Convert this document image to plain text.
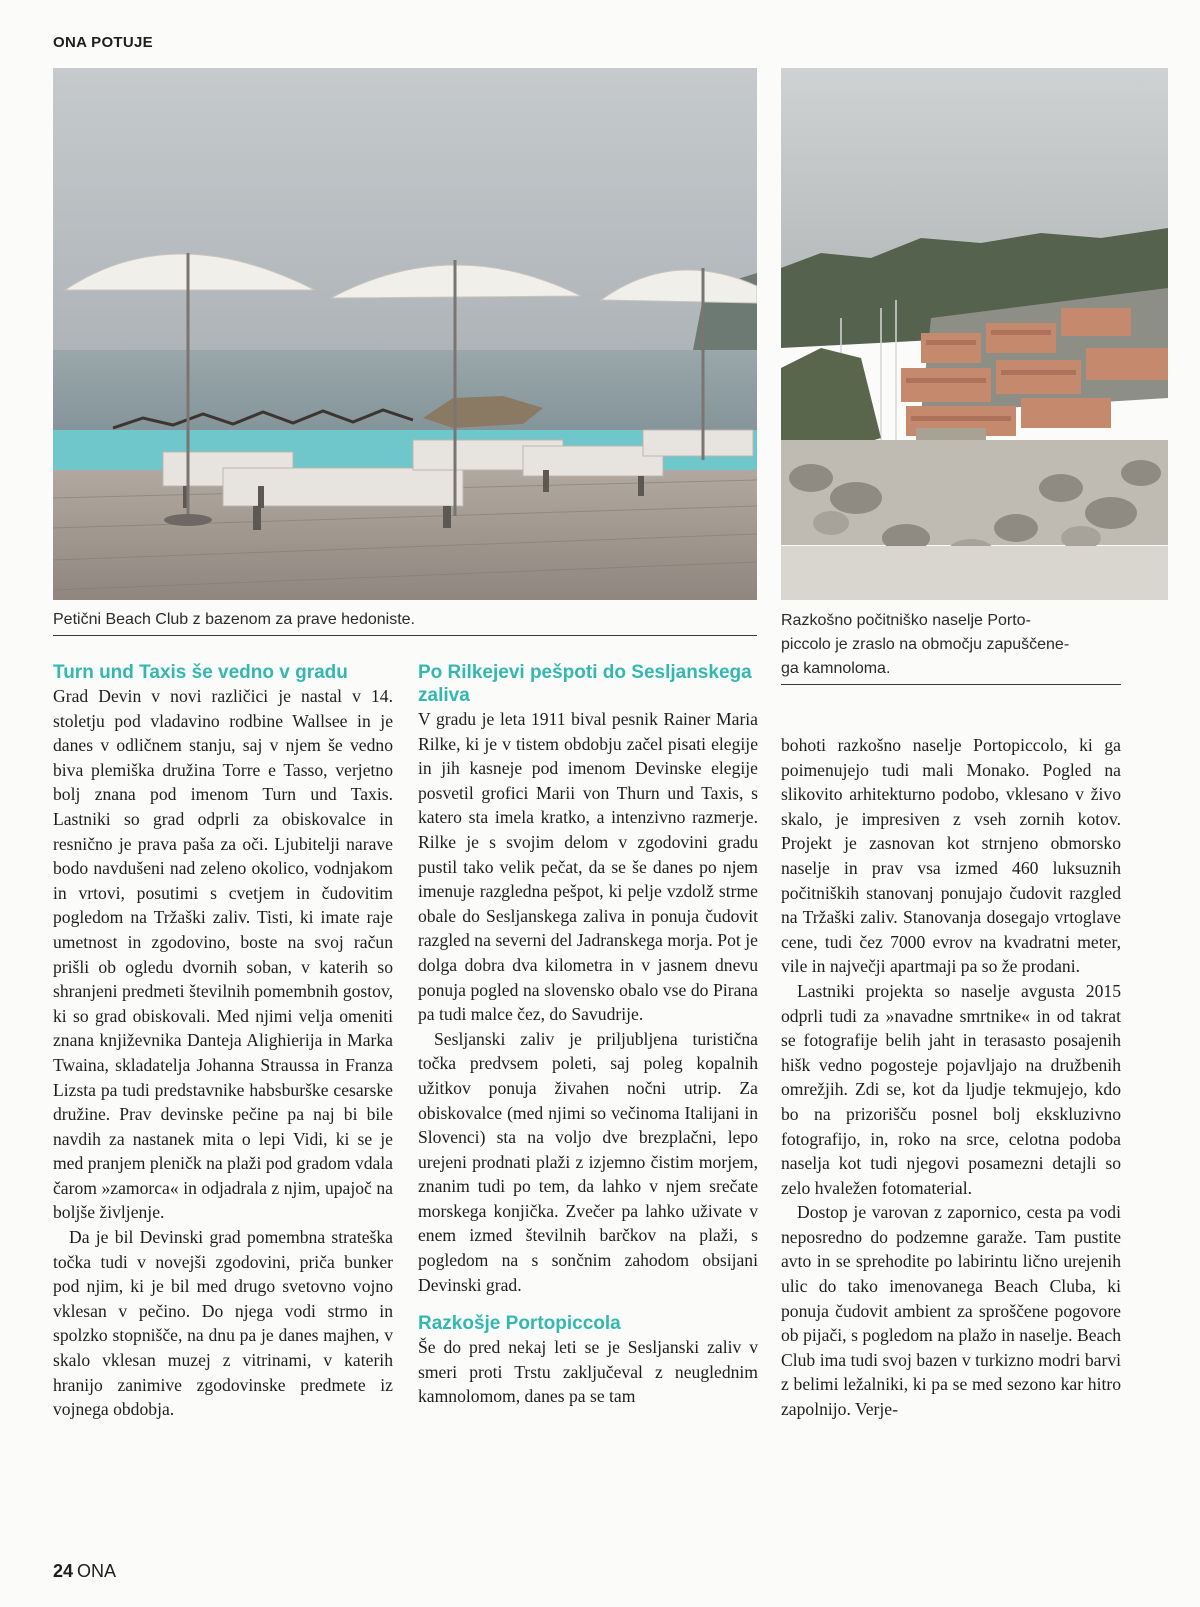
ONA POTUJE

Petični Beach Club z bazenom za prave hedoniste.	Razkošno počitniško naselje Porto-
piccolo je zraslo na območju zapuščene-
ga kamnoloma.
Turn und Taxis še vedno v gradu

Grad Devin v novi različici je nastal v 14. stoletju pod vladavino rodbine Wallsee in je danes v odličnem stanju, saj v njem še vedno biva plemiška družina Torre e Tasso, verjetno bolj znana pod imenom Turn und Taxis. Lastniki so grad odprli za obiskovalce in resnično je prava paša za oči. Ljubitelji narave bodo navdušeni nad zeleno okolico, vodnjakom in vrtovi, posutimi s cvetjem in čudovitim pogledom na Tržaški zaliv. Tisti, ki imate raje umetnost in zgodovino, boste na svoj račun prišli ob ogledu dvornih soban, v katerih so shranjeni predmeti številnih pomembnih gostov, ki so grad obiskovali. Med njimi velja omeniti znana književnika Danteja Alighierija in Marka Twaina, skladatelja Johanna Straussa in Franza Lizsta pa tudi predstavnike habsburške cesarske družine. Prav devinske pečine pa naj bi bile navdih za nastanek mita o lepi Vidi, ki se je med pranjem pleničk na plaži pod gradom vdala čarom »zamorca« in odjadrala z njim, upajoč na boljše življenje.

Da je bil Devinski grad pomembna strateška točka tudi v novejši zgodovini, priča bunker pod njim, ki je bil med drugo svetovno vojno vklesan v pečino. Do njega vodi strmo in spolzko stopnišče, na dnu pa je danes majhen, v skalo vklesan muzej z vitrinami, v katerih hranijo zanimive zgodovinske predmete iz vojnega obdobja.

Po Rilkejevi pešpoti do Sesljanskega zaliva

V gradu je leta 1911 bival pesnik Rainer Maria Rilke, ki je v tistem obdobju začel pisati elegije in jih kasneje pod imenom Devinske elegije posvetil grofici Marii von Thurn und Taxis, s katero sta imela kratko, a intenzivno razmerje. Rilke je s svojim delom v zgodovini gradu pustil tako velik pečat, da se še danes po njem imenuje razgledna pešpot, ki pelje vzdolž strme obale do Sesljanskega zaliva in ponuja čudovit razgled na severni del Jadranskega morja. Pot je dolga dobra dva kilometra in v jasnem dnevu ponuja pogled na slovensko obalo vse do Pirana pa tudi malce čez, do Savudrije.

Sesljanski zaliv je priljubljena turistična točka predvsem poleti, saj poleg kopalnih užitkov ponuja živahen nočni utrip. Za obiskovalce (med njimi so večinoma Italijani in Slovenci) sta na voljo dve brezplačni, lepo urejeni prodnati plaži z izjemno čistim morjem, znanim tudi po tem, da lahko v njem srečate morskega konjička. Zvečer pa lahko uživate v enem izmed številnih barčkov na plaži, s pogledom na s sončnim zahodom obsijani Devinski grad.

Razkošje Portopiccola

Še do pred nekaj leti se je Sesljanski zaliv v smeri proti Trstu zaključeval z neuglednim kamnolomom, danes pa se tam

bohoti razkošno naselje Portopiccolo, ki ga poimenujejo tudi mali Monako. Pogled na slikovito arhitekturno podobo, vklesano v živo skalo, je impresiven z vseh zornih kotov. Projekt je zasnovan kot strnjeno obmorsko naselje in prav vsa izmed 460 luksuznih počitniških stanovanj ponujajo čudovit razgled na Tržaški zaliv. Stanovanja dosegajo vrtoglave cene, tudi čez 7000 evrov na kvadratni meter, vile in največji apartmaji pa so že prodani.

Lastniki projekta so naselje avgusta 2015 odprli tudi za »navadne smrtnike« in od takrat se fotografije belih jaht in terasasto posajenih hišk vedno pogosteje pojavljajo na družbenih omrežjih. Zdi se, kot da ljudje tekmujejo, kdo bo na prizorišču posnel bolj ekskluzivno fotografijo, in, roko na srce, celotna podoba naselja kot tudi njegovi posamezni detajli so zelo hvaležen fotomaterial.

Dostop je varovan z zapornico, cesta pa vodi neposredno do podzemne garaže. Tam pustite avto in se sprehodite po labirintu lično urejenih ulic do tako imenovanega Beach Cluba, ki ponuja čudovit ambient za sproščene pogovore ob pijači, s pogledom na plažo in naselje. Beach Club ima tudi svoj bazen v turkizno modri barvi z belimi ležalniki, ki pa se med sezono kar hitro zapolnijo. Verje-

24 ONA
